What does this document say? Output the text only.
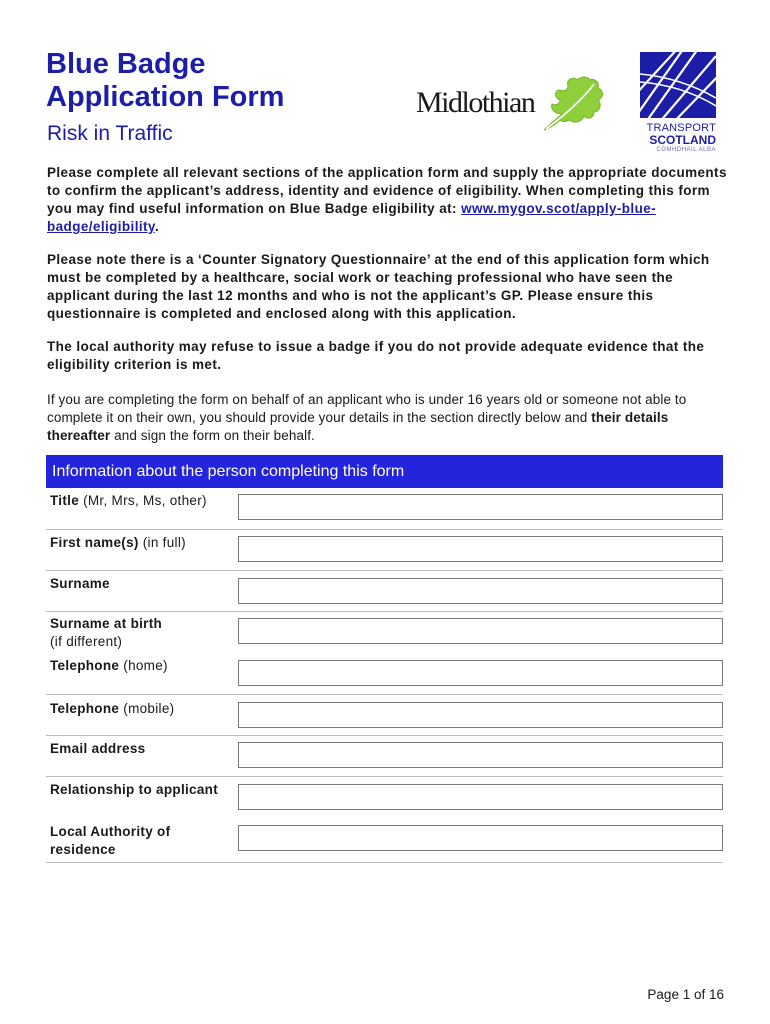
Blue Badge
Application Form
Risk in Traffic
Midlothian
TRANSPORT
SCOTLAND
CÒMHDHAIL ALBA

Please complete all relevant sections of the application form and supply the appropriate documents to confirm the applicant’s address, identity and evidence of eligibility. When completing this form you may find useful information on Blue Badge eligibility at: www.mygov.scot/apply-blue-badge/eligibility.

Please note there is a ‘Counter Signatory Questionnaire’ at the end of this application form which must be completed by a healthcare, social work or teaching professional who have seen the applicant during the last 12 months and who is not the applicant’s GP. Please ensure this questionnaire is completed and enclosed along with this application.

The local authority may refuse to issue a badge if you do not provide adequate evidence that the eligibility criterion is met.

If you are completing the form on behalf of an applicant who is under 16 years old or someone not able to complete it on their own, you should provide your details in the section directly below and their details thereafter and sign the form on their behalf.

Information about the person completing this form
Title (Mr, Mrs, Ms, other)
First name(s) (in full)
Surname
Surname at birth
(if different)
Telephone (home)
Telephone (mobile)
Email address
Relationship to applicant
Local Authority of residence
Page 1 of 16
